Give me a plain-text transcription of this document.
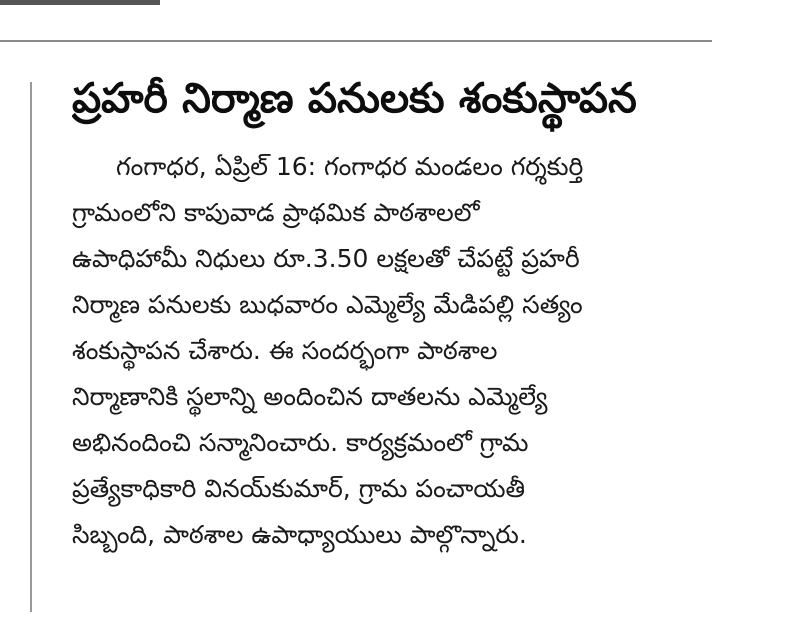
ప్రహరీ నిర్మాణ పనులకు శంకుస్థాపన
గంగాధర, ఏప్రిల్ 16: గంగాధర మండలం గర్శకుర్తి
గ్రామంలోని కాపువాడ ప్రాథమిక పాఠశాలలో
ఉపాధిహామీ నిధులు రూ.3.50 లక్షలతో చేపట్టే ప్రహరీ
నిర్మాణ పనులకు బుధవారం ఎమ్మెల్యే మేడిపల్లి సత్యం
శంకుస్థాపన చేశారు. ఈ సందర్భంగా పాఠశాల
నిర్మాణానికి స్థలాన్ని అందించిన దాతలను ఎమ్మెల్యే
అభినందించి సన్మానించారు. కార్యక్రమంలో గ్రామ
ప్రత్యేకాధికారి వినయ్‌కుమార్, గ్రామ పంచాయతీ
సిబ్బంది, పాఠశాల ఉపాధ్యాయులు పాల్గొన్నారు.
